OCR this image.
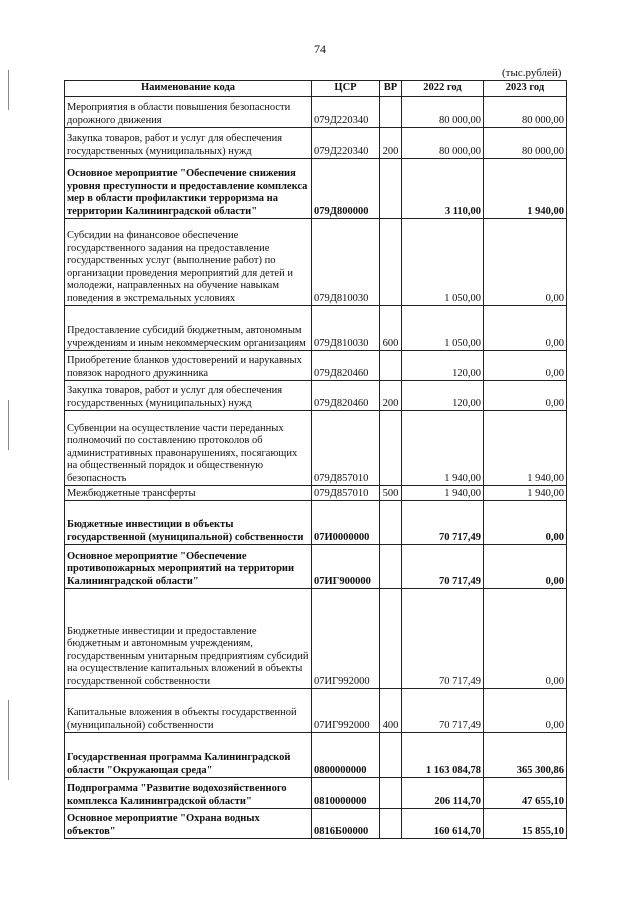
74
(тыс.рублей)
Наименование кода	ЦСР	ВР	2022 год	2023 год
Мероприятия в области повышения безопасности дорожного движения	079Д220340		80 000,00	80 000,00
Закупка товаров, работ и услуг для обеспечения государственных (муниципальных) нужд	079Д220340	200	80 000,00	80 000,00
Основное мероприятие "Обеспечение снижения уровня преступности и предоставление комплекса мер в области профилактики терроризма на территории Калининградской области"	079Д800000		3 110,00	1 940,00
Субсидии на финансовое обеспечение государственного задания на предоставление государственных услуг (выполнение работ) по организации проведения мероприятий для детей и молодежи, направленных на обучение навыкам поведения в экстремальных условиях	079Д810030		1 050,00	0,00
Предоставление субсидий бюджетным, автономным учреждениям и иным некоммерческим организациям	079Д810030	600	1 050,00	0,00
Приобретение бланков удостоверений и нарукавных повязок народного дружинника	079Д820460		120,00	0,00
Закупка товаров, работ и услуг для обеспечения государственных (муниципальных) нужд	079Д820460	200	120,00	0,00
Субвенции на осуществление части переданных полномочий по составлению протоколов об административных правонарушениях, посягающих на общественный порядок и общественную безопасность	079Д857010		1 940,00	1 940,00
Межбюджетные трансферты	079Д857010	500	1 940,00	1 940,00
Бюджетные инвестиции в объекты государственной (муниципальной) собственности	07И0000000		70 717,49	0,00
Основное мероприятие "Обеспечение противопожарных мероприятий на территории Калининградской области"	07ИГ900000		70 717,49	0,00
Бюджетные инвестиции и предоставление бюджетным и автономным учреждениям, государственным унитарным предприятиям субсидий на осуществление капитальных вложений в объекты государственной собственности	07ИГ992000		70 717,49	0,00
Капитальные вложения в объекты государственной (муниципальной) собственности	07ИГ992000	400	70 717,49	0,00
Государственная программа Калининградской области "Окружающая среда"	0800000000		1 163 084,78	365 300,86
Подпрограмма "Развитие водохозяйственного комплекса Калининградской области"	0810000000		206 114,70	47 655,10
Основное мероприятие "Охрана водных объектов"	0816Б00000		160 614,70	15 855,10
